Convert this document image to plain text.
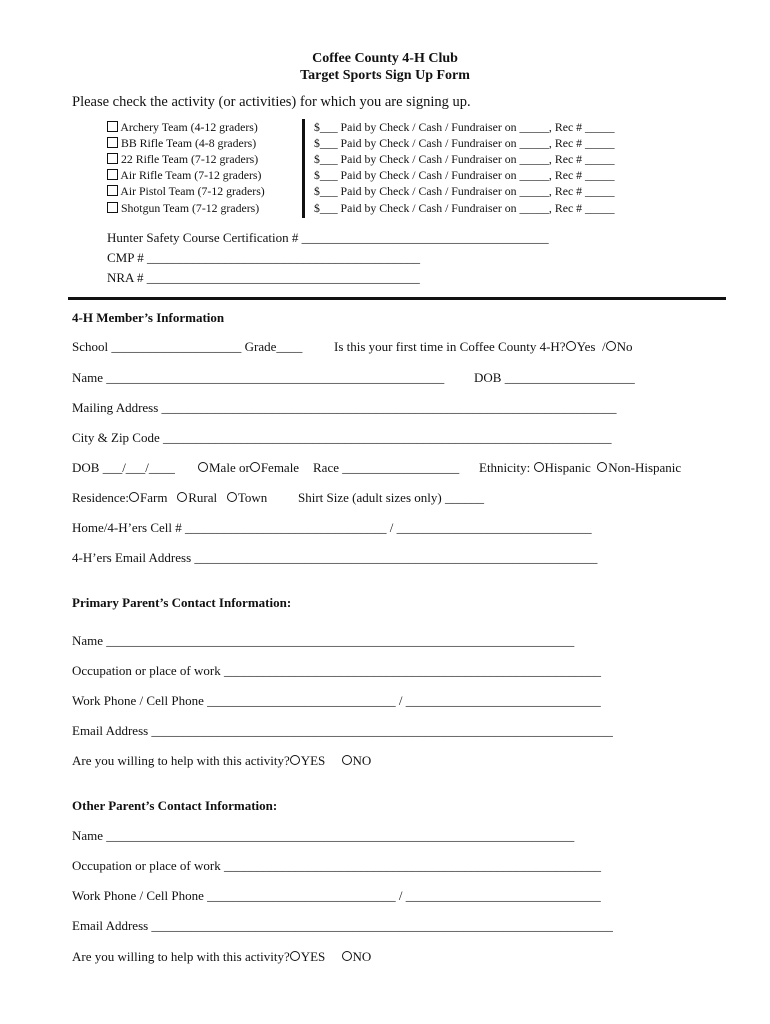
Coffee County 4-H Club
Target Sports Sign Up Form
Please check the activity (or activities) for which you are signing up.
Archery Team (4-12 graders)
BB Rifle Team (4-8 graders)
22 Rifle Team (7-12 graders)
Air Rifle Team (7-12 graders)
Air Pistol Team (7-12 graders)
Shotgun Team (7-12 graders)
$___ Paid by Check / Cash / Fundraiser on _____, Rec # _____
$___ Paid by Check / Cash / Fundraiser on _____, Rec # _____
$___ Paid by Check / Cash / Fundraiser on _____, Rec # _____
$___ Paid by Check / Cash / Fundraiser on _____, Rec # _____
$___ Paid by Check / Cash / Fundraiser on _____, Rec # _____
$___ Paid by Check / Cash / Fundraiser on _____, Rec # _____
Hunter Safety Course Certification # ______________________________________
CMP # __________________________________________
NRA # __________________________________________
4-H Member’s Information
School ____________________ Grade____ Is this your first time in Coffee County 4-H? Yes / No
Name ____________________________________________________ DOB ____________________
Mailing Address ______________________________________________________________________
City & Zip Code _____________________________________________________________________
DOB ___/___/____	Male or Female Race __________________ Ethnicity: Hispanic Non-Hispanic
Residence: Farm Rural Town Shirt Size (adult sizes only) ______
Home/4-H’ers Cell # _______________________________ / ______________________________
4-H’ers Email Address ______________________________________________________________
Primary Parent’s Contact Information:
Name ________________________________________________________________________
Occupation or place of work __________________________________________________________
Work Phone / Cell Phone _____________________________ / ______________________________
Email Address _______________________________________________________________________
Are you willing to help with this activity? YES NO
Other Parent’s Contact Information:
Name ________________________________________________________________________
Occupation or place of work __________________________________________________________
Work Phone / Cell Phone _____________________________ / ______________________________
Email Address _______________________________________________________________________
Are you willing to help with this activity? YES NO
